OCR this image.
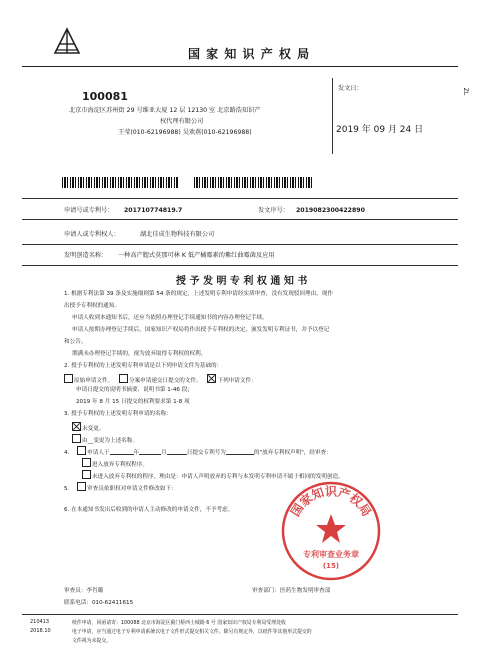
国 家 知 识 产 权 局
100081
北京市海淀区苏州街 29 号维亚大厦 12 层 12130 室 北京路浩知识产
权代理有限公司
王莹(010-62196988) 吴欢燕(010-62196988)
发文日：
2019 年 09 月 24 日
ZL
申请号或专利号： 201710774819.7	发文序号： 2019082300422890
申请人或专利权人：	湖北佳成生物科技有限公司
发明创造名称： 一种高产腮式莫那可林 K 低产橘霉素的紫红曲霉菌及应用
授 予 发 明 专 利 权 通 知 书
1. 根据专利法第 39 条及实施细则第 54 条的规定，上述发明专利申请经实质审查，没有发现驳回理由，现作
出授予专利权的通知。
申请人收到本通知书后，还应当依照办理登记手续通知书的内容办理登记手续。
申请人按期办理登记手续后，国家知识产权局将作出授予专利权的决定，颁发发明专利证书，并予以登记
和公告。
期满未办理登记手续的，视为放弃取得专利权的权利。
2. 授予专利权的上述发明专利申请是以下列申请文件为基础的：
原始申请文件。	分案申请递交日提交的文件。	下列申请文件：
申请日提交的说明书摘要、说明书第 1-46 段；
2019 年 8 月 15 日提交的权利要求第 1-8 项
3. 授予专利权的上述发明专利申请的名称：
未变更。
由__变更为上述名称。
4.	申请人于	年	月	日提交专利号为	的"放弃专利权声明"，经审查：
进入放弃专利权程序。
未进入放弃专利权的程序，理由是：申请人声明放弃的专利与本发明专利申请不属于相同的发明创造。
5.	审查员依职权对申请文件修改如下：
6. 在本通知书发出后收到的申请人主动修改的申请文件，不予考虑。	国家知识产权局
专利审查业务章
(15)
审查员：李肖璐	审查部门：医药生物发明审查部
联系电话：010-62411615
210413
2018.10
纸件申请，回函请寄：100088 北京市海淀区蓟门桥西土城路 6 号 国家知识产权局专利局受理处收
电子申请，应当通过电子专利申请系统以电子文件形式提交相关文件。除另有规定外，以纸件等其他形式提交的
文件视为未提交。
